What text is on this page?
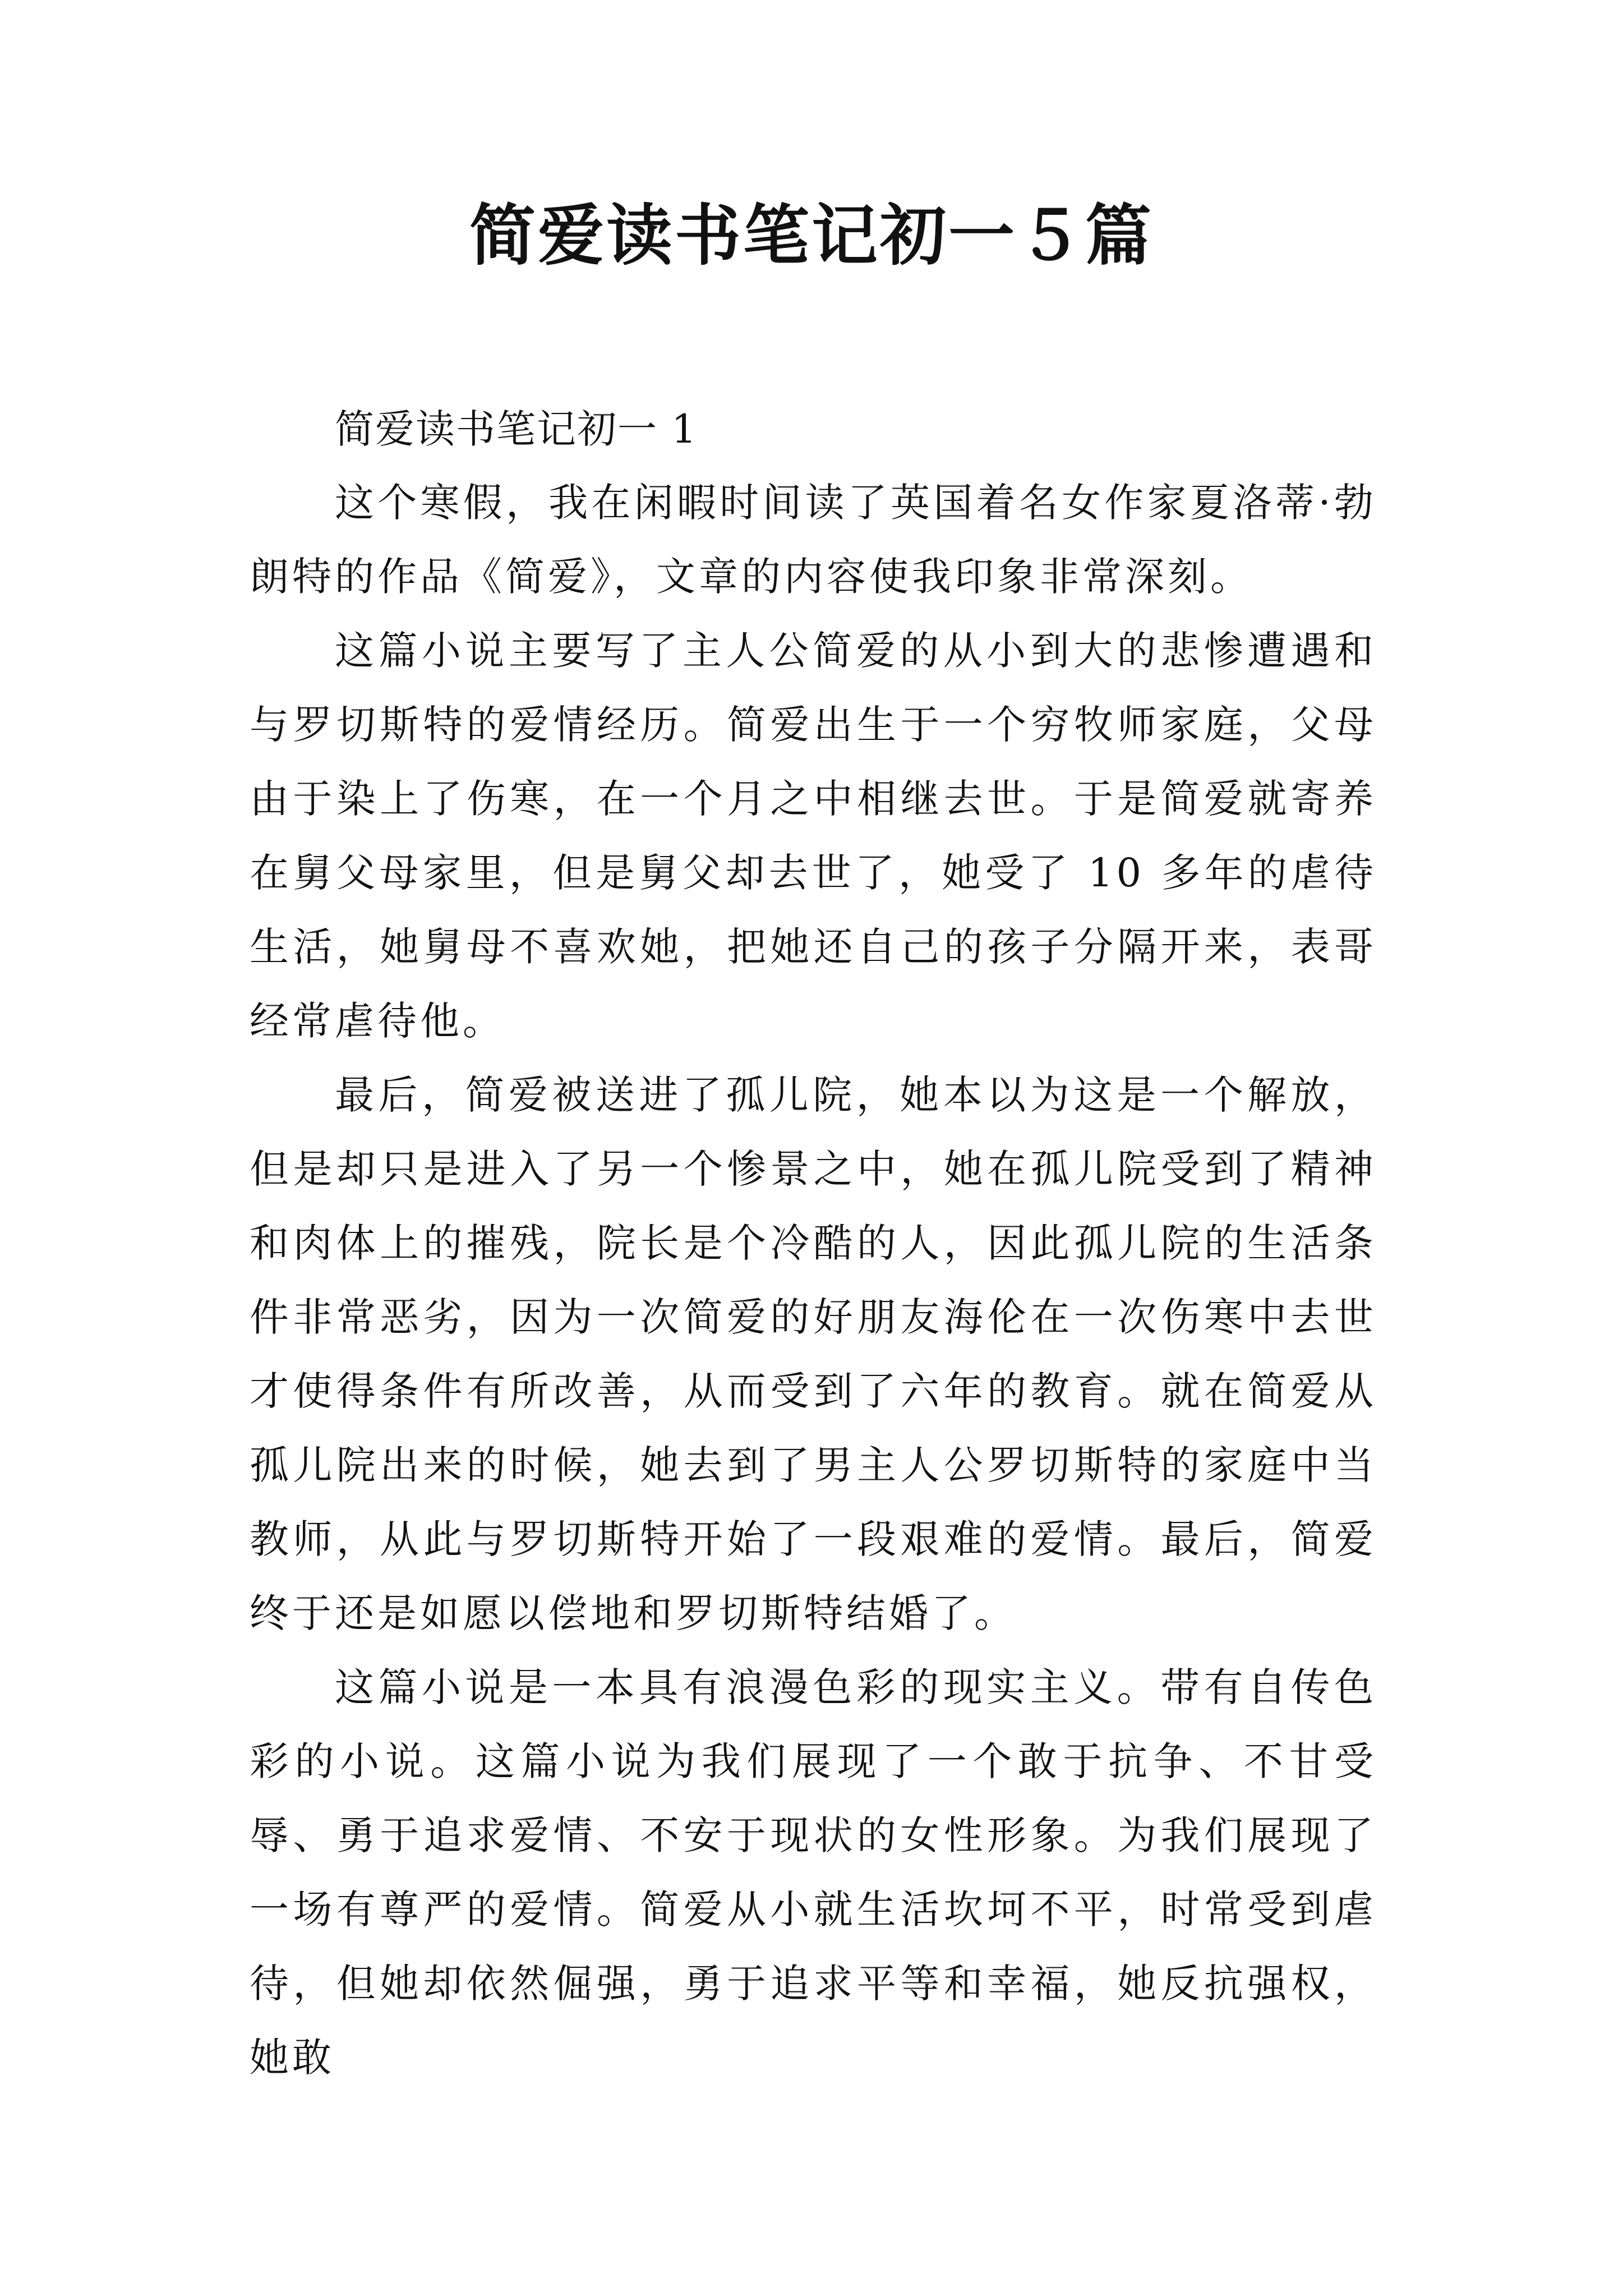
简爱读书笔记初一５篇
简爱读书笔记初一 1

这个寒假，我在闲暇时间读了英国着名女作家夏洛蒂·勃朗特的作品《简爱》，文章的内容使我印象非常深刻。

这篇小说主要写了主人公简爱的从小到大的悲惨遭遇和与罗切斯特的爱情经历。简爱出生于一个穷牧师家庭，父母由于染上了伤寒，在一个月之中相继去世。于是简爱就寄养在舅父母家里，但是舅父却去世了，她受了 10 多年的虐待生活，她舅母不喜欢她，把她还自己的孩子分隔开来，表哥经常虐待他。

最后，简爱被送进了孤儿院，她本以为这是一个解放，但是却只是进入了另一个惨景之中，她在孤儿院受到了精神和肉体上的摧残，院长是个冷酷的人，因此孤儿院的生活条件非常恶劣，因为一次简爱的好朋友海伦在一次伤寒中去世才使得条件有所改善，从而受到了六年的教育。就在简爱从孤儿院出来的时候，她去到了男主人公罗切斯特的家庭中当教师，从此与罗切斯特开始了一段艰难的爱情。最后，简爱终于还是如愿以偿地和罗切斯特结婚了。

这篇小说是一本具有浪漫色彩的现实主义。带有自传色彩的小说。这篇小说为我们展现了一个敢于抗争、不甘受辱、勇于追求爱情、不安于现状的女性形象。为我们展现了一场有尊严的爱情。简爱从小就生活坎坷不平，时常受到虐待，但她却依然倔强，勇于追求平等和幸福，她反抗强权，她敢
